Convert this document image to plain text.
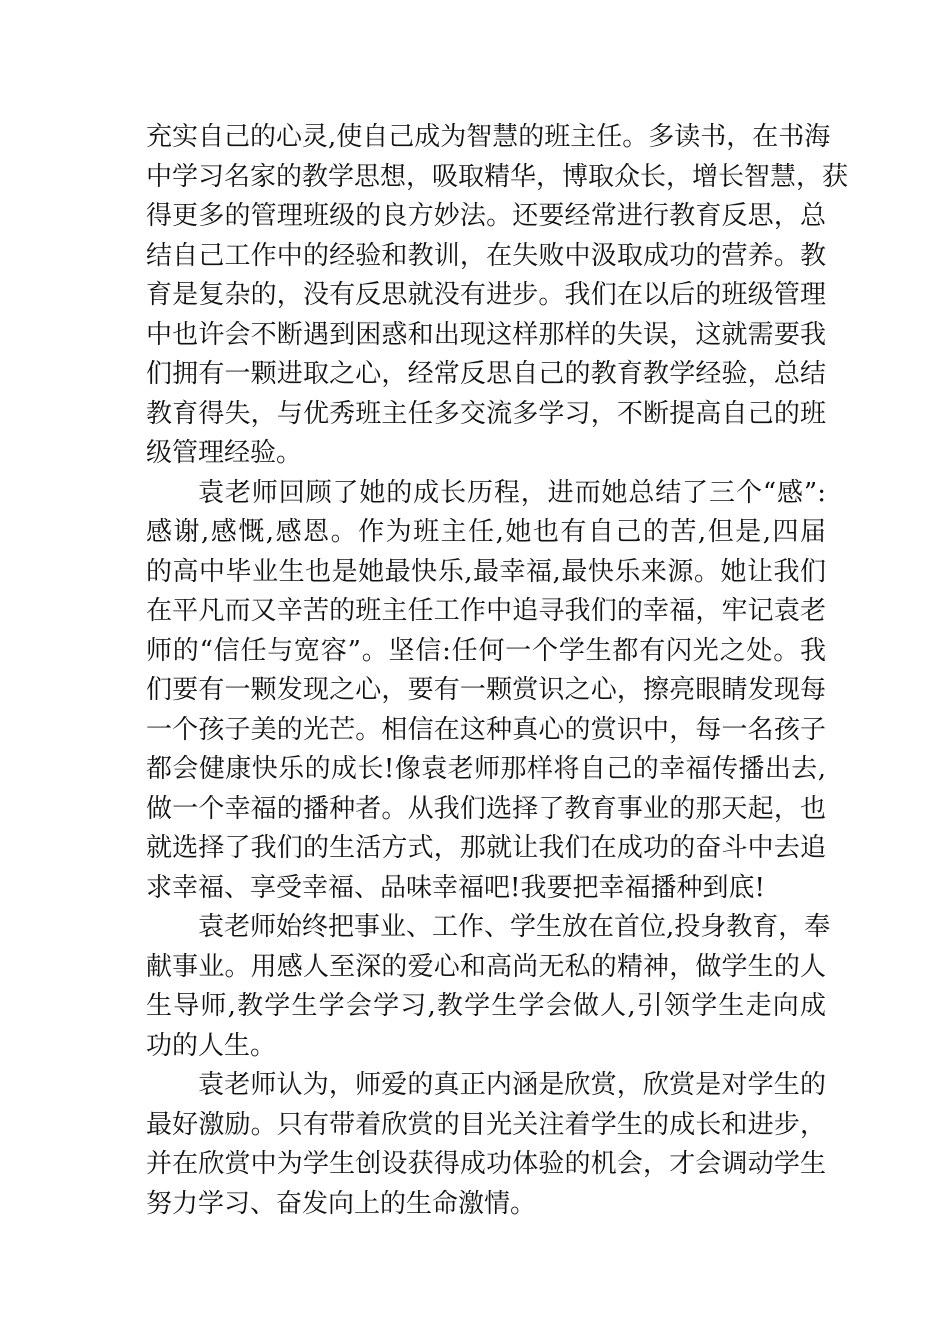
充实自己的心灵,使自己成为智慧的班主任。多读书，在书海
中学习名家的教学思想，吸取精华，博取众长，增长智慧，获
得更多的管理班级的良方妙法。还要经常进行教育反思，总
结自己工作中的经验和教训，在失败中汲取成功的营养。教
育是复杂的，没有反思就没有进步。我们在以后的班级管理
中也许会不断遇到困惑和出现这样那样的失误，这就需要我
们拥有一颗进取之心，经常反思自己的教育教学经验，总结
教育得失，与优秀班主任多交流多学习，不断提高自己的班
级管理经验。
袁老师回顾了她的成长历程，进而她总结了三个“感”:
感谢,感慨,感恩。作为班主任,她也有自己的苦,但是,四届
的高中毕业生也是她最快乐,最幸福,最快乐来源。她让我们
在平凡而又辛苦的班主任工作中追寻我们的幸福，牢记袁老
师的“信任与宽容”。坚信:任何一个学生都有闪光之处。我
们要有一颗发现之心，要有一颗赏识之心，擦亮眼睛发现每
一个孩子美的光芒。相信在这种真心的赏识中，每一名孩子
都会健康快乐的成长!像袁老师那样将自己的幸福传播出去,
做一个幸福的播种者。从我们选择了教育事业的那天起，也
就选择了我们的生活方式，那就让我们在成功的奋斗中去追
求幸福、享受幸福、品味幸福吧!我要把幸福播种到底!
袁老师始终把事业、工作、学生放在首位,投身教育，奉
献事业。用感人至深的爱心和高尚无私的精神，做学生的人
生导师,教学生学会学习,教学生学会做人,引领学生走向成
功的人生。
袁老师认为，师爱的真正内涵是欣赏，欣赏是对学生的
最好激励。只有带着欣赏的目光关注着学生的成长和进步，
并在欣赏中为学生创设获得成功体验的机会，才会调动学生
努力学习、奋发向上的生命激情。
